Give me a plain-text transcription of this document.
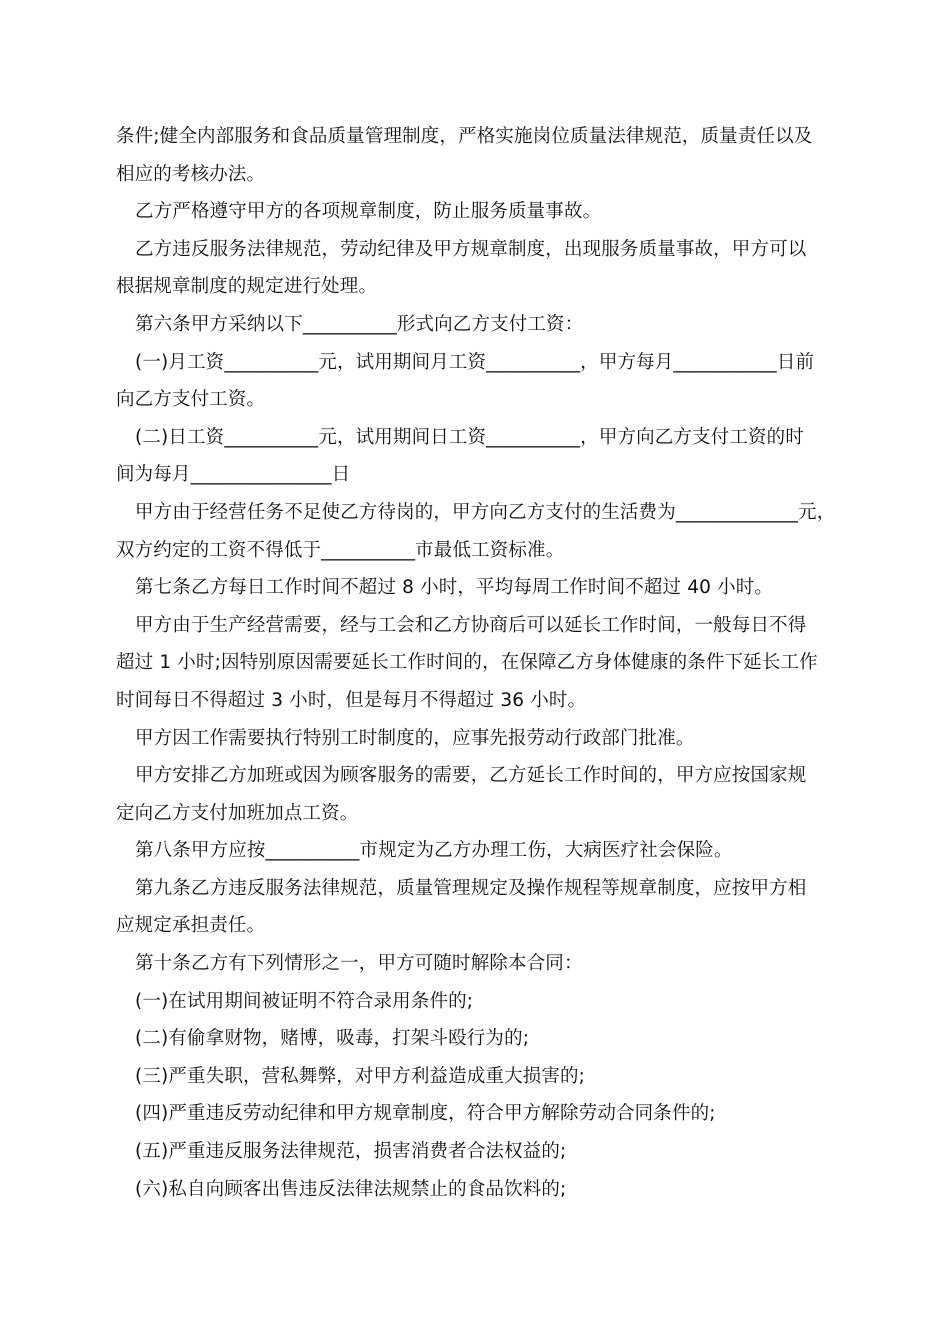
条件;健全内部服务和食品质量管理制度，严格实施岗位质量法律规范，质量责任以及

相应的考核办法。

乙方严格遵守甲方的各项规章制度，防止服务质量事故。

乙方违反服务法律规范，劳动纪律及甲方规章制度，出现服务质量事故，甲方可以

根据规章制度的规定进行处理。

第六条甲方采纳以下__________形式向乙方支付工资：

(一)月工资__________元，试用期间月工资__________，甲方每月___________日前

向乙方支付工资。

(二)日工资__________元，试用期间日工资__________，甲方向乙方支付工资的时

间为每月_______________日

甲方由于经营任务不足使乙方待岗的，甲方向乙方支付的生活费为_____________元，

双方约定的工资不得低于__________市最低工资标准。

第七条乙方每日工作时间不超过 8 小时，平均每周工作时间不超过 40 小时。

甲方由于生产经营需要，经与工会和乙方协商后可以延长工作时间，一般每日不得

超过 1 小时;因特别原因需要延长工作时间的，在保障乙方身体健康的条件下延长工作

时间每日不得超过 3 小时，但是每月不得超过 36 小时。

甲方因工作需要执行特别工时制度的，应事先报劳动行政部门批准。

甲方安排乙方加班或因为顾客服务的需要，乙方延长工作时间的，甲方应按国家规

定向乙方支付加班加点工资。

第八条甲方应按__________市规定为乙方办理工伤，大病医疗社会保险。

第九条乙方违反服务法律规范，质量管理规定及操作规程等规章制度，应按甲方相

应规定承担责任。

第十条乙方有下列情形之一，甲方可随时解除本合同：

(一)在试用期间被证明不符合录用条件的;

(二)有偷拿财物，赌博，吸毒，打架斗殴行为的;

(三)严重失职，营私舞弊，对甲方利益造成重大损害的;

(四)严重违反劳动纪律和甲方规章制度，符合甲方解除劳动合同条件的;

(五)严重违反服务法律规范，损害消费者合法权益的;

(六)私自向顾客出售违反法律法规禁止的食品饮料的;
